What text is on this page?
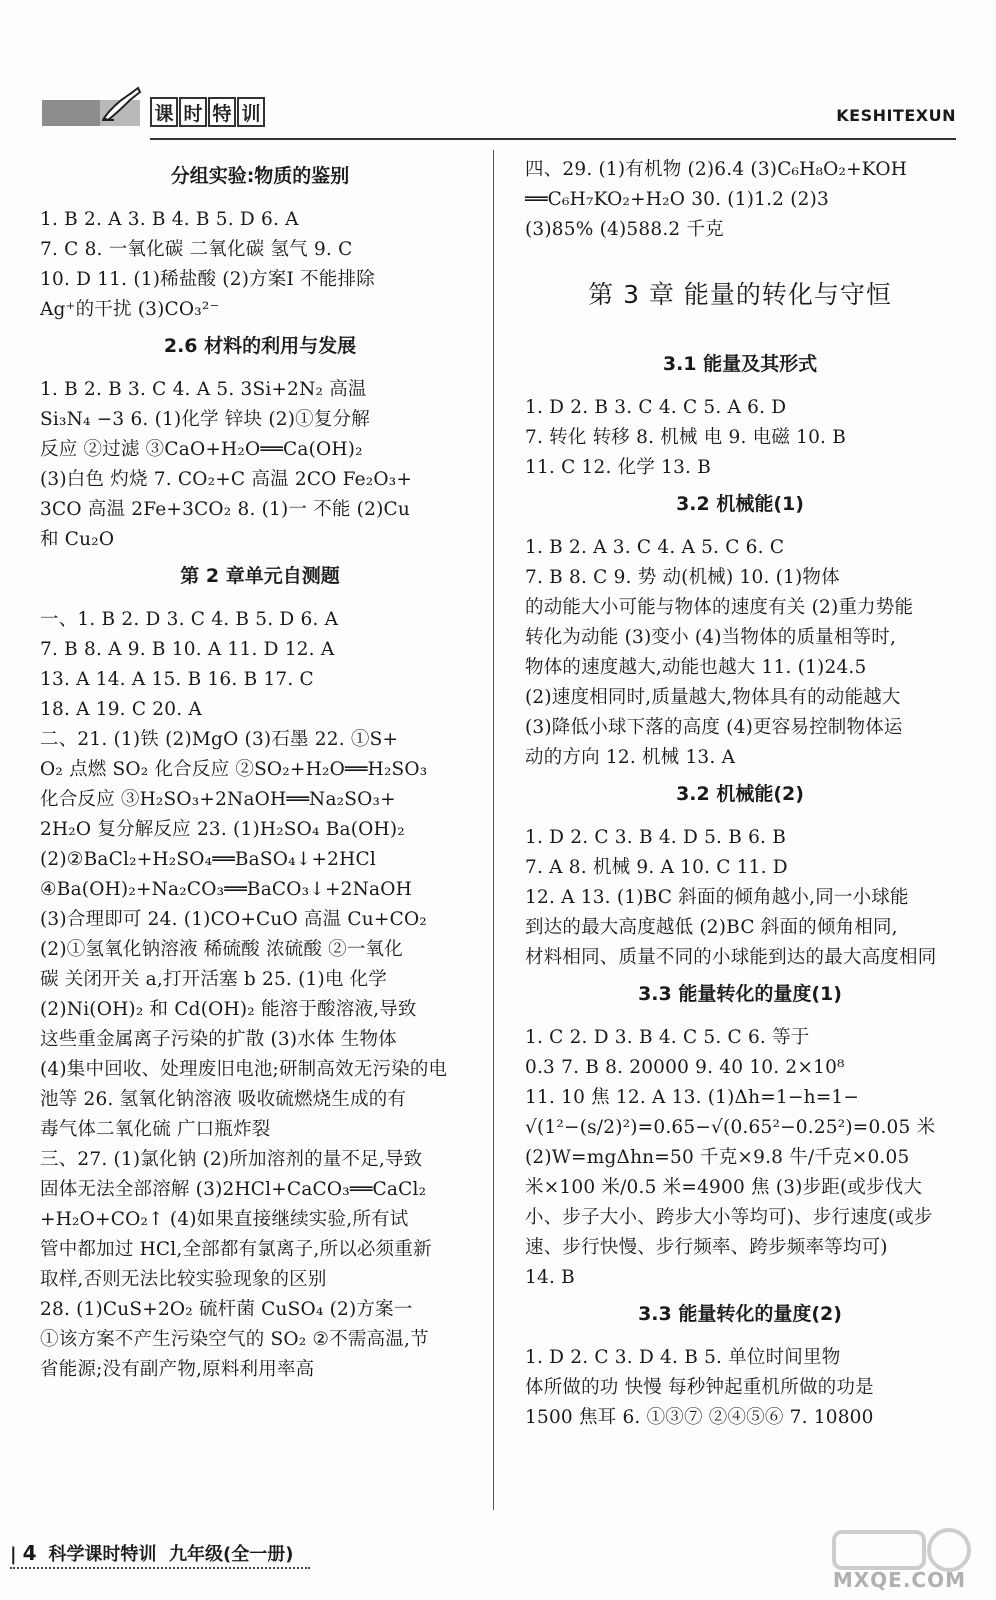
课 时 特 训	KESHITEXUN
分组实验:物质的鉴别
1. B 2. A 3. B 4. B 5. D 6. A
7. C 8. 一氧化碳 二氧化碳 氢气 9. C
10. D 11. (1)稀盐酸 (2)方案Ⅰ 不能排除
Ag⁺的干扰 (3)CO₃²⁻
2.6 材料的利用与发展
1. B 2. B 3. C 4. A 5. 3Si+2N₂ 高温
Si₃N₄ −3 6. (1)化学 锌块 (2)①复分解
反应 ②过滤 ③CaO+H₂O══Ca(OH)₂
(3)白色 灼烧 7. CO₂+C 高温 2CO Fe₂O₃+
3CO 高温 2Fe+3CO₂ 8. (1)一 不能 (2)Cu
和 Cu₂O
第 2 章单元自测题
一、1. B 2. D 3. C 4. B 5. D 6. A
7. B 8. A 9. B 10. A 11. D 12. A
13. A 14. A 15. B 16. B 17. C
18. A 19. C 20. A
二、21. (1)铁 (2)MgO (3)石墨 22. ①S+
O₂ 点燃 SO₂ 化合反应 ②SO₂+H₂O══H₂SO₃
化合反应 ③H₂SO₃+2NaOH══Na₂SO₃+
2H₂O 复分解反应 23. (1)H₂SO₄ Ba(OH)₂
(2)②BaCl₂+H₂SO₄══BaSO₄↓+2HCl
④Ba(OH)₂+Na₂CO₃══BaCO₃↓+2NaOH
(3)合理即可 24. (1)CO+CuO 高温 Cu+CO₂
(2)①氢氧化钠溶液 稀硫酸 浓硫酸 ②一氧化
碳 关闭开关 a,打开活塞 b 25. (1)电 化学
(2)Ni(OH)₂ 和 Cd(OH)₂ 能溶于酸溶液,导致
这些重金属离子污染的扩散 (3)水体 生物体
(4)集中回收、处理废旧电池;研制高效无污染的电
池等 26. 氢氧化钠溶液 吸收硫燃烧生成的有
毒气体二氧化硫 广口瓶炸裂
三、27. (1)氯化钠 (2)所加溶剂的量不足,导致
固体无法全部溶解 (3)2HCl+CaCO₃══CaCl₂
+H₂O+CO₂↑ (4)如果直接继续实验,所有试
管中都加过 HCl,全部都有氯离子,所以必须重新
取样,否则无法比较实验现象的区别
28. (1)CuS+2O₂ 硫杆菌 CuSO₄ (2)方案一
①该方案不产生污染空气的 SO₂ ②不需高温,节
省能源;没有副产物,原料利用率高
四、29. (1)有机物 (2)6.4 (3)C₆H₈O₂+KOH
══C₆H₇KO₂+H₂O 30. (1)1.2 (2)3
(3)85% (4)588.2 千克
第 3 章 能量的转化与守恒
3.1 能量及其形式
1. D 2. B 3. C 4. C 5. A 6. D
7. 转化 转移 8. 机械 电 9. 电磁 10. B
11. C 12. 化学 13. B
3.2 机械能(1)
1. B 2. A 3. C 4. A 5. C 6. C
7. B 8. C 9. 势 动(机械) 10. (1)物体
的动能大小可能与物体的速度有关 (2)重力势能
转化为动能 (3)变小 (4)当物体的质量相等时,
物体的速度越大,动能也越大 11. (1)24.5
(2)速度相同时,质量越大,物体具有的动能越大
(3)降低小球下落的高度 (4)更容易控制物体运
动的方向 12. 机械 13. A
3.2 机械能(2)
1. D 2. C 3. B 4. D 5. B 6. B
7. A 8. 机械 9. A 10. C 11. D
12. A 13. (1)BC 斜面的倾角越小,同一小球能
到达的最大高度越低 (2)BC 斜面的倾角相同,
材料相同、质量不同的小球能到达的最大高度相同
3.3 能量转化的量度(1)
1. C 2. D 3. B 4. C 5. C 6. 等于
0.3 7. B 8. 20000 9. 40 10. 2×10⁸
11. 10 焦 12. A 13. (1)Δh=1−h=1−
√(1²−(s/2)²)=0.65−√(0.65²−0.25²)=0.05 米
(2)W=mgΔhn=50 千克×9.8 牛/千克×0.05
米×100 米/0.5 米=4900 焦 (3)步距(或步伐大
小、步子大小、跨步大小等均可)、步行速度(或步
速、步行快慢、步行频率、跨步频率等均可)
14. B
3.3 能量转化的量度(2)
1. D 2. C 3. D 4. B 5. 单位时间里物
体所做的功 快慢 每秒钟起重机所做的功是
1500 焦耳 6. ①③⑦ ②④⑤⑥ 7. 10800
| 4 科学课时特训 九年级(全一册)
MXQE.COM
